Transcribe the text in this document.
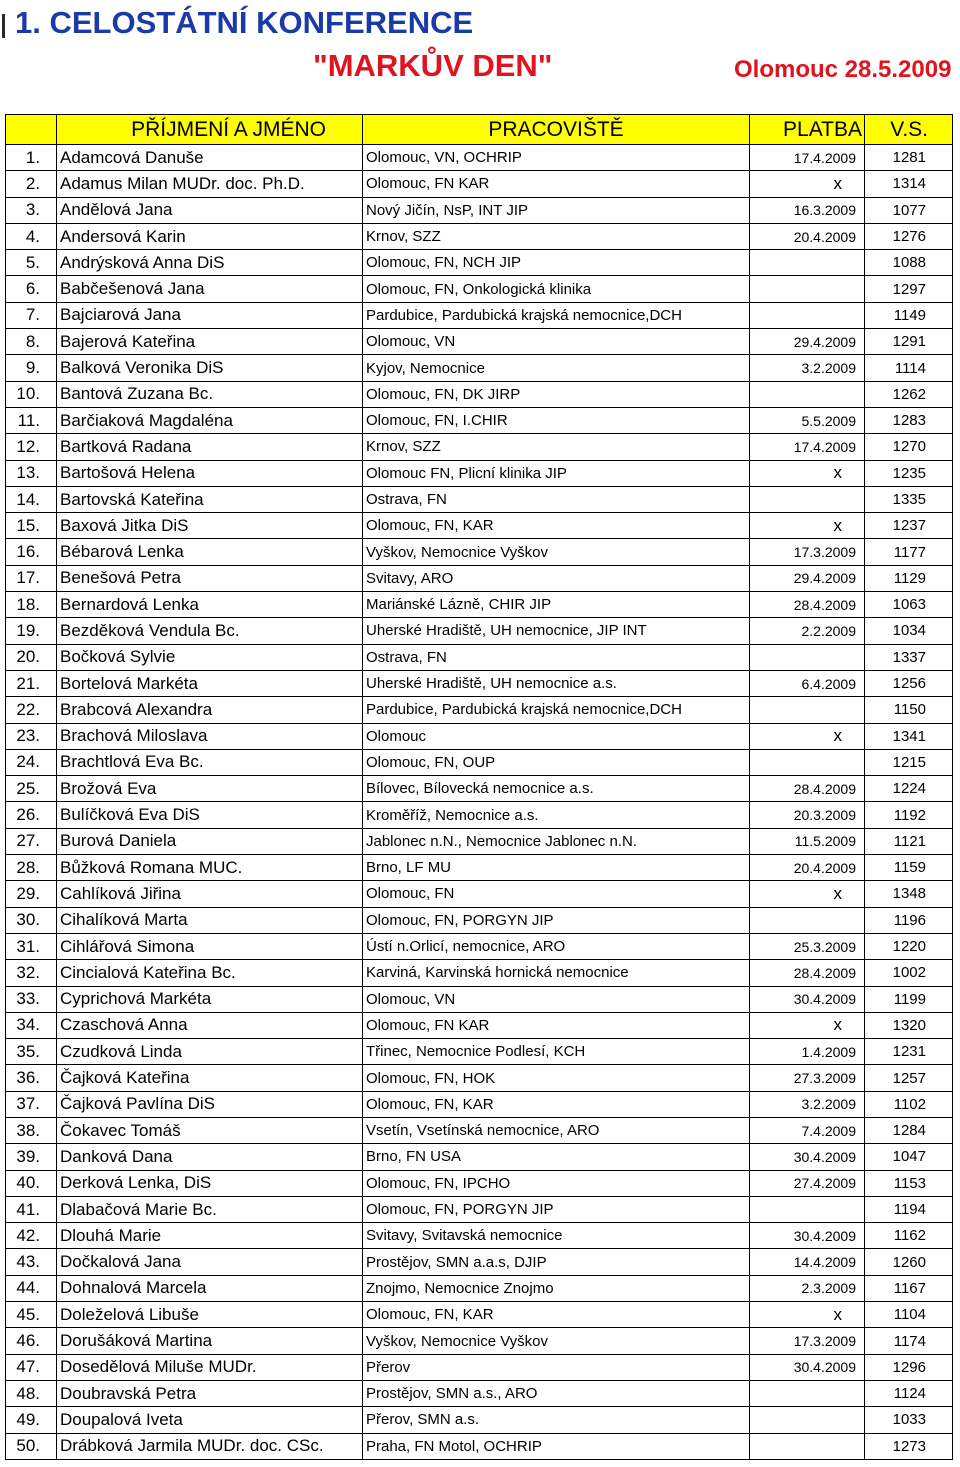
1. CELOSTÁTNÍ KONFERENCE
"MARKŮV DEN"	Olomouc 28.5.2009
	PŘÍJMENÍ A JMÉNO	PRACOVIŠTĚ	PLATBA	V.S.
1.	Adamcová Danuše	Olomouc, VN, OCHRIP	17.4.2009	1281
2.	Adamus Milan MUDr. doc. Ph.D.	Olomouc, FN KAR	x	1314
3.	Andělová Jana	Nový Jičín, NsP, INT JIP	16.3.2009	1077
4.	Andersová Karin	Krnov, SZZ	20.4.2009	1276
5.	Andrýsková Anna DiS	Olomouc, FN, NCH JIP		1088
6.	Babčešenová Jana	Olomouc, FN, Onkologická klinika		1297
7.	Bajciarová Jana	Pardubice, Pardubická krajská nemocnice,DCH		1149
8.	Bajerová Kateřina	Olomouc, VN	29.4.2009	1291
9.	Balková Veronika DiS	Kyjov, Nemocnice	3.2.2009	1114
10.	Bantová Zuzana Bc.	Olomouc, FN, DK JIRP		1262
11.	Barčiaková Magdaléna	Olomouc, FN, I.CHIR	5.5.2009	1283
12.	Bartková Radana	Krnov, SZZ	17.4.2009	1270
13.	Bartošová Helena	Olomouc FN, Plicní klinika JIP	x	1235
14.	Bartovská Kateřina	Ostrava, FN		1335
15.	Baxová Jitka DiS	Olomouc, FN, KAR	x	1237
16.	Bébarová Lenka	Vyškov, Nemocnice Vyškov	17.3.2009	1177
17.	Benešová Petra	Svitavy, ARO	29.4.2009	1129
18.	Bernardová Lenka	Mariánské Lázně, CHIR JIP	28.4.2009	1063
19.	Bezděková Vendula Bc.	Uherské Hradiště, UH nemocnice, JIP INT	2.2.2009	1034
20.	Bočková Sylvie	Ostrava, FN		1337
21.	Bortelová Markéta	Uherské Hradiště, UH nemocnice a.s.	6.4.2009	1256
22.	Brabcová Alexandra	Pardubice, Pardubická krajská nemocnice,DCH		1150
23.	Brachová Miloslava	Olomouc	x	1341
24.	Brachtlová Eva Bc.	Olomouc, FN, OUP		1215
25.	Brožová Eva	Bílovec, Bílovecká nemocnice a.s.	28.4.2009	1224
26.	Bulíčková Eva DiS	Kroměříž, Nemocnice a.s.	20.3.2009	1192
27.	Burová Daniela	Jablonec n.N., Nemocnice Jablonec n.N.	11.5.2009	1121
28.	Bůžková Romana MUC.	Brno, LF MU	20.4.2009	1159
29.	Cahlíková Jiřina	Olomouc, FN	x	1348
30.	Cihalíková Marta	Olomouc, FN, PORGYN JIP		1196
31.	Cihlářová Simona	Ústí n.Orlicí, nemocnice, ARO	25.3.2009	1220
32.	Cincialová Kateřina Bc.	Karviná, Karvinská hornická nemocnice	28.4.2009	1002
33.	Cyprichová Markéta	Olomouc, VN	30.4.2009	1199
34.	Czaschová Anna	Olomouc, FN KAR	x	1320
35.	Czudková Linda	Třinec, Nemocnice Podlesí, KCH	1.4.2009	1231
36.	Čajková Kateřina	Olomouc, FN, HOK	27.3.2009	1257
37.	Čajková Pavlína DiS	Olomouc, FN, KAR	3.2.2009	1102
38.	Čokavec Tomáš	Vsetín, Vsetínská nemocnice, ARO	7.4.2009	1284
39.	Danková Dana	Brno, FN USA	30.4.2009	1047
40.	Derková Lenka, DiS	Olomouc, FN, IPCHO	27.4.2009	1153
41.	Dlabačová Marie Bc.	Olomouc, FN, PORGYN JIP		1194
42.	Dlouhá Marie	Svitavy, Svitavská nemocnice	30.4.2009	1162
43.	Dočkalová Jana	Prostějov, SMN a.a.s, DJIP	14.4.2009	1260
44.	Dohnalová Marcela	Znojmo, Nemocnice Znojmo	2.3.2009	1167
45.	Doleželová Libuše	Olomouc, FN, KAR	x	1104
46.	Dorušáková Martina	Vyškov, Nemocnice Vyškov	17.3.2009	1174
47.	Dosedělová Miluše MUDr.	Přerov	30.4.2009	1296
48.	Doubravská Petra	Prostějov, SMN a.s., ARO		1124
49.	Doupalová Iveta	Přerov, SMN a.s.		1033
50.	Drábková Jarmila MUDr. doc. CSc.	Praha, FN Motol, OCHRIP		1273
